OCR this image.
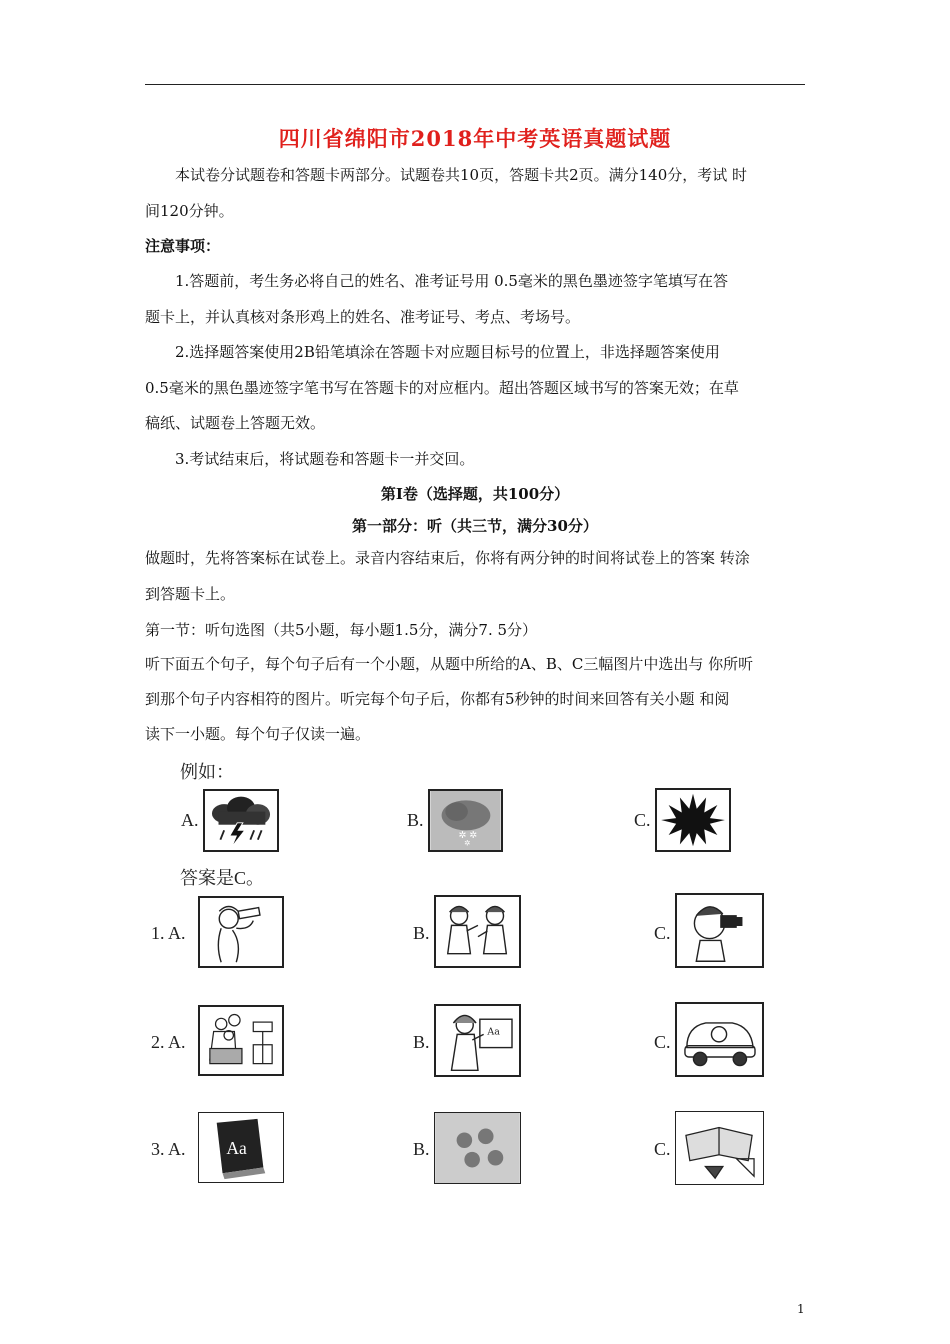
四川省绵阳市2018年中考英语真题试题
本试卷分试题卷和答题卡两部分。试题卷共10页，答题卡共2页。满分140分，考试 时
间120分钟。
注意事项：
1.答题前，考生务必将自己的姓名、准考证号用 0.5毫米的黑色墨迹签字笔填写在答
题卡上，并认真核对条形鸡上的姓名、准考证号、考点、考场号。
2.选择题答案使用2B铅笔填涂在答题卡对应题目标号的位置上，非选择题答案使用
0.5毫米的黑色墨迹签字笔书写在答题卡的对应框内。超出答题区域书写的答案无效；在草
稿纸、试题卷上答题无效。
3.考试结束后，将试题卷和答题卡一并交回。
第I卷（选择题，共100分）
第一部分：听（共三节，满分30分）
做题时，先将答案标在试卷上。录音内容结束后，你将有两分钟的时间将试卷上的答案 转涂
到答题卡上。
第一节：听句选图（共5小题，每小题1.5分，满分7. 5分）
听下面五个句子，每个句子后有一个小题，从题中所给的A、B、C三幅图片中选出与 你所听
到那个句子内容相符的图片。听完每个句子后，你都有5秒钟的时间来回答有关小题 和阅
读下一小题。每个句子仅读一遍。
例如：
A.	B.
✲ ✲
✲
C.
答案是C。
1. A.	B.	C.
2. A.	B.
Aa
C.
3. A. Aa	B.	C.
1
